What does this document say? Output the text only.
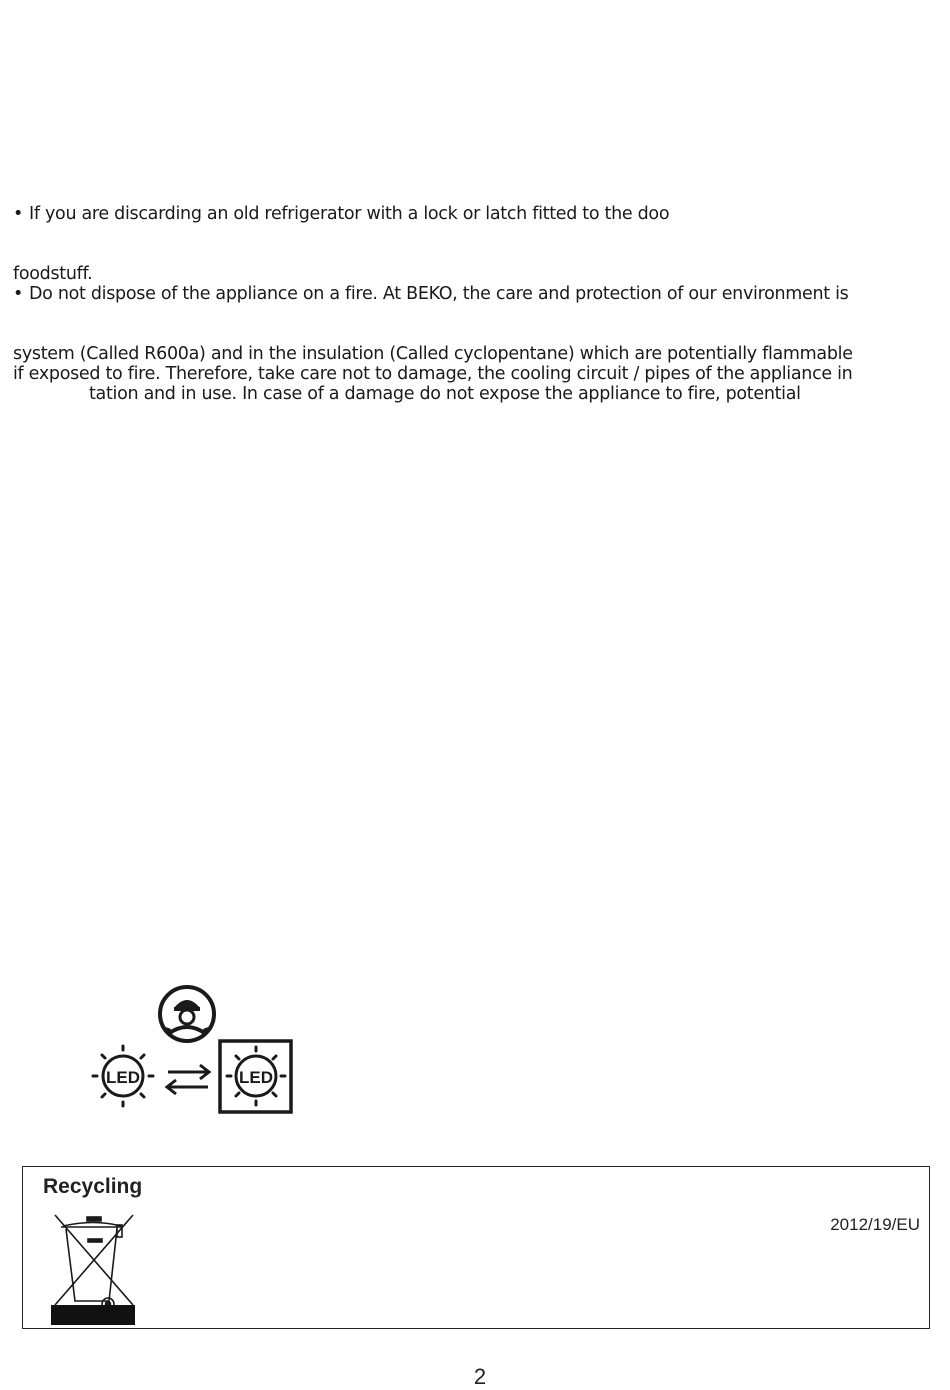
• If you are discarding an old refrigerator with a lock or latch fitted to the doo
foodstuff.
• Do not dispose of the appliance on a fire. At BEKO, the care and protection of our environment is
system (Called R600a) and in the insulation (Called cyclopentane) which are potentially flammable
if exposed to fire. Therefore, take care not to damage, the cooling circuit / pipes of the appliance in
tation and in use. In case of a damage do not expose the appliance to fire, potential
LED	LED
Recycling
2012/19/EU
2
